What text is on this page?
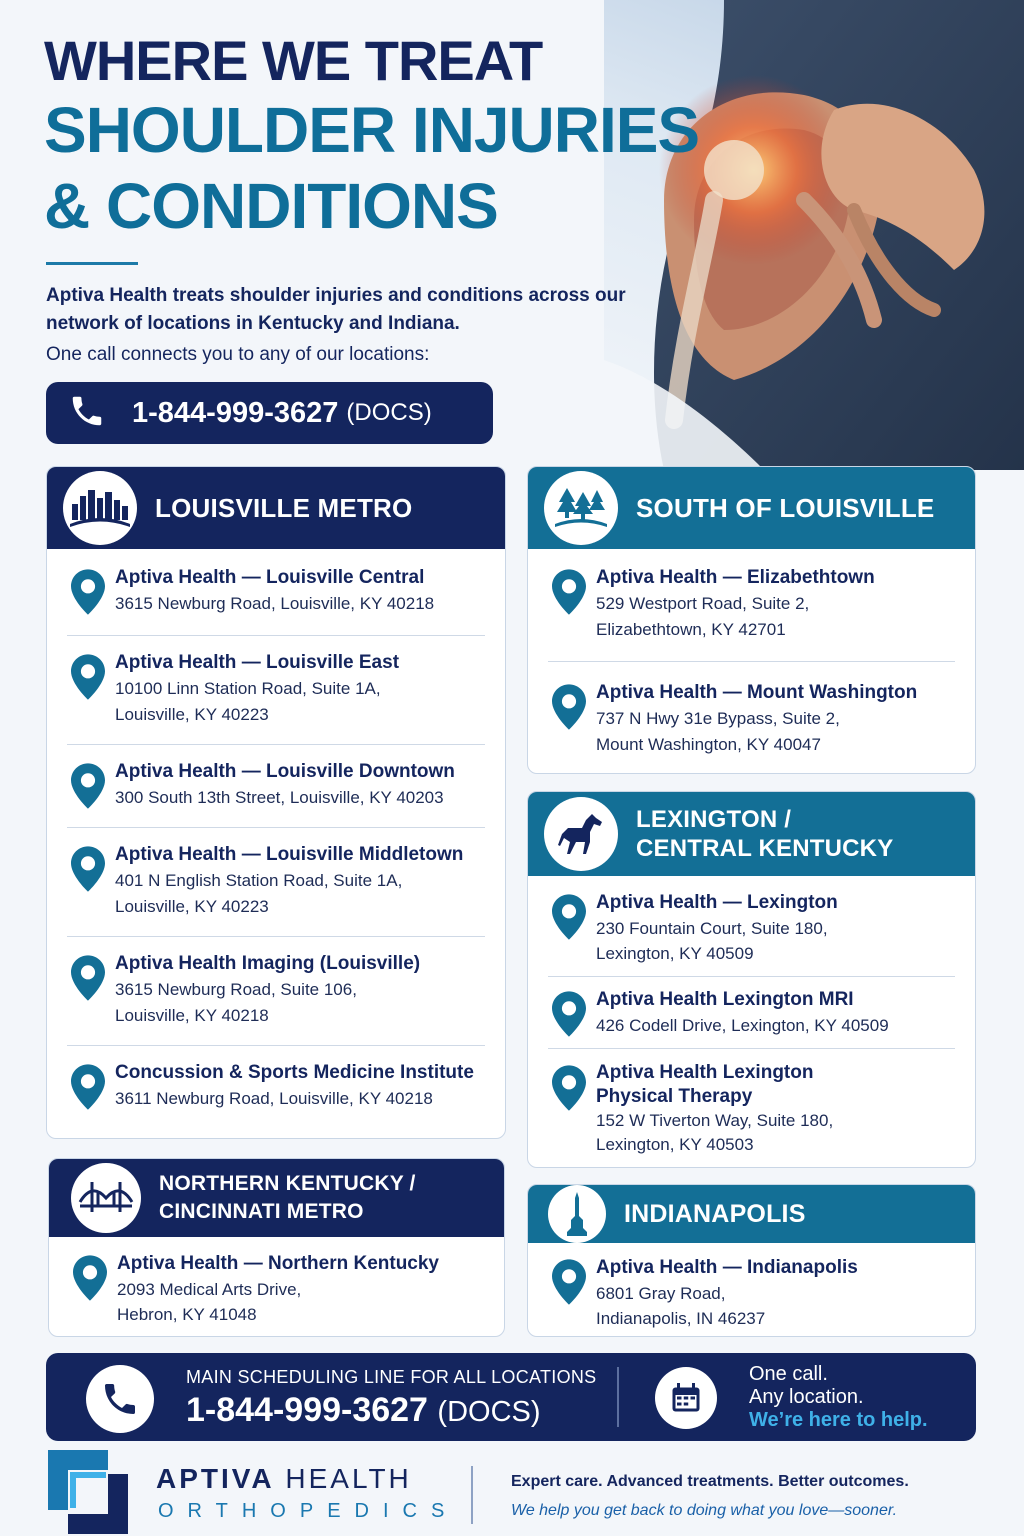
WHERE WE TREAT
SHOULDER INJURIES
& CONDITIONS
Aptiva Health treats shoulder injuries and conditions across our network of locations in Kentucky and Indiana.
One call connects you to any of our locations:
1-844-999-3627 (DOCS)
LOUISVILLE METRO
Aptiva Health — Louisville Central
3615 Newburg Road, Louisville, KY 40218
Aptiva Health — Louisville East
10100 Linn Station Road, Suite 1A,
Louisville, KY 40223
Aptiva Health — Louisville Downtown
300 South 13th Street, Louisville, KY 40203
Aptiva Health — Louisville Middletown
401 N English Station Road, Suite 1A,
Louisville, KY 40223
Aptiva Health Imaging (Louisville)
3615 Newburg Road, Suite 106,
Louisville, KY 40218
Concussion & Sports Medicine Institute
3611 Newburg Road, Louisville, KY 40218
SOUTH OF LOUISVILLE
Aptiva Health — Elizabethtown
529 Westport Road, Suite 2,
Elizabethtown, KY 42701
Aptiva Health — Mount Washington
737 N Hwy 31e Bypass, Suite 2,
Mount Washington, KY 40047
LEXINGTON /
CENTRAL KENTUCKY
Aptiva Health — Lexington
230 Fountain Court, Suite 180,
Lexington, KY 40509
Aptiva Health Lexington MRI
426 Codell Drive, Lexington, KY 40509
Aptiva Health Lexington
Physical Therapy
152 W Tiverton Way, Suite 180,
Lexington, KY 40503
NORTHERN KENTUCKY /
CINCINNATI METRO
Aptiva Health — Northern Kentucky
2093 Medical Arts Drive,
Hebron, KY 41048
INDIANAPOLIS
Aptiva Health — Indianapolis
6801 Gray Road,
Indianapolis, IN 46237
MAIN SCHEDULING LINE FOR ALL LOCATIONS
1-844-999-3627 (DOCS)
One call.
Any location.
We’re here to help.
APTIVA HEALTH
ORTHOPEDICS
Expert care. Advanced treatments. Better outcomes.
We help you get back to doing what you love—sooner.
